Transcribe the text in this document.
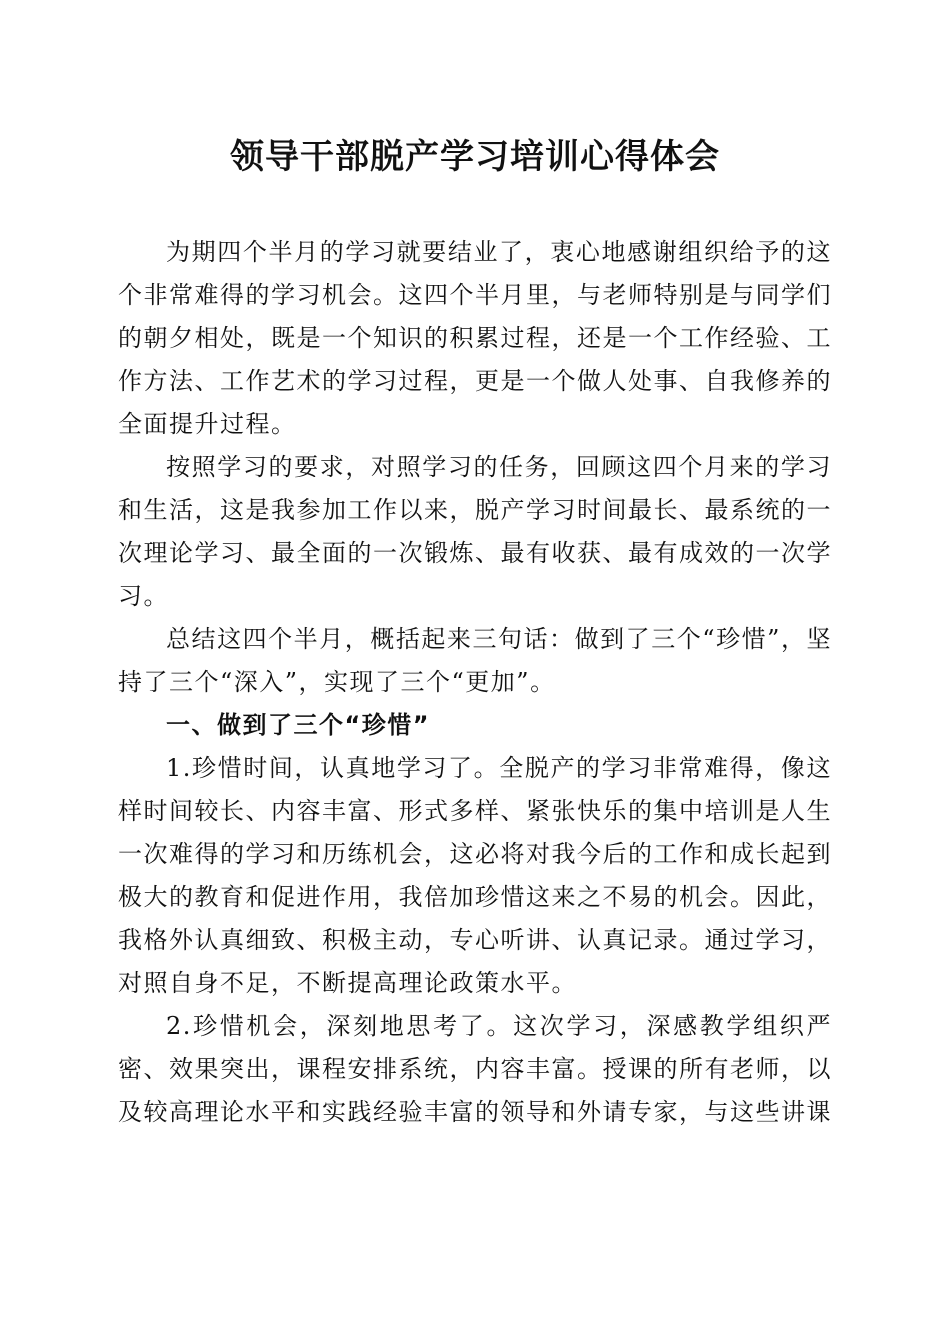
领导干部脱产学习培训心得体会

为期四个半月的学习就要结业了，衷心地感谢组织给予的这个非常难得的学习机会。这四个半月里，与老师特别是与同学们的朝夕相处，既是一个知识的积累过程，还是一个工作经验、工作方法、工作艺术的学习过程，更是一个做人处事、自我修养的全面提升过程。

按照学习的要求，对照学习的任务，回顾这四个月来的学习和生活，这是我参加工作以来，脱产学习时间最长、最系统的一次理论学习、最全面的一次锻炼、最有收获、最有成效的一次学习。

总结这四个半月，概括起来三句话：做到了三个“珍惜”，坚持了三个“深入”，实现了三个“更加”。

一、做到了三个“珍惜”

1.珍惜时间，认真地学习了。全脱产的学习非常难得，像这样时间较长、内容丰富、形式多样、紧张快乐的集中培训是人生一次难得的学习和历练机会，这必将对我今后的工作和成长起到极大的教育和促进作用，我倍加珍惜这来之不易的机会。因此，我格外认真细致、积极主动，专心听讲、认真记录。通过学习，对照自身不足，不断提高理论政策水平。

2.珍惜机会，深刻地思考了。这次学习，深感教学组织严密、效果突出，课程安排系统，内容丰富。授课的所有老师，以及较高理论水平和实践经验丰富的领导和外请专家，与这些讲课
